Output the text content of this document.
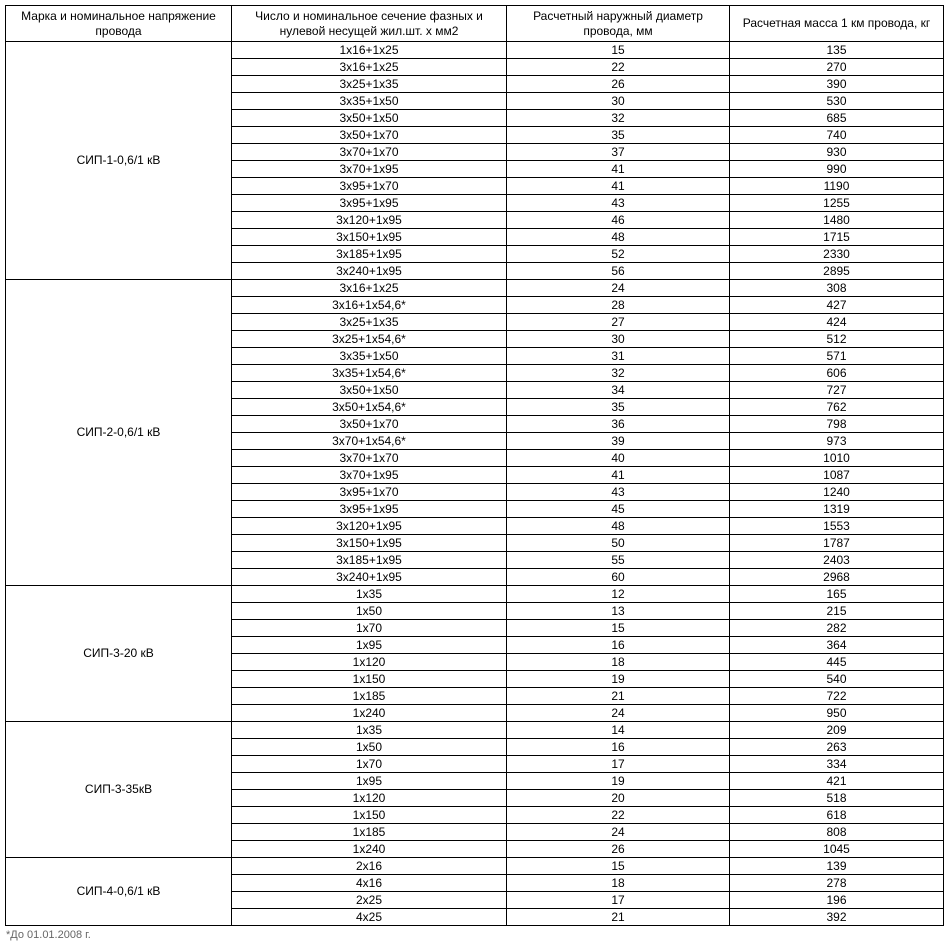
Марка и номинальное напряжение провода	Число и номинальное сечение фазных и нулевой несущей жил.шт. х мм2	Расчетный наружный диаметр провода, мм	Расчетная масса 1 км провода, кг
СИП-1-0,6/1 кВ	1х16+1х25	15	135
	3х16+1х25	22	270
	3х25+1х35	26	390
	3х35+1х50	30	530
	3х50+1х50	32	685
	3х50+1х70	35	740
	3х70+1х70	37	930
	3х70+1х95	41	990
	3х95+1х70	41	1190
	3х95+1х95	43	1255
	3х120+1х95	46	1480
	3х150+1х95	48	1715
	3х185+1х95	52	2330
	3х240+1х95	56	2895
СИП-2-0,6/1 кВ	3х16+1х25	24	308
	3х16+1х54,6*	28	427
	3х25+1х35	27	424
	3х25+1х54,6*	30	512
	3х35+1х50	31	571
	3х35+1х54,6*	32	606
	3х50+1х50	34	727
	3х50+1х54,6*	35	762
	3х50+1х70	36	798
	3х70+1х54,6*	39	973
	3х70+1х70	40	1010
	3х70+1х95	41	1087
	3х95+1х70	43	1240
	3х95+1х95	45	1319
	3х120+1х95	48	1553
	3х150+1х95	50	1787
	3х185+1х95	55	2403
	3х240+1х95	60	2968
СИП-3-20 кВ	1х35	12	165
	1х50	13	215
	1х70	15	282
	1х95	16	364
	1х120	18	445
	1х150	19	540
	1х185	21	722
	1х240	24	950
СИП-3-35кВ	1х35	14	209
	1х50	16	263
	1х70	17	334
	1х95	19	421
	1х120	20	518
	1х150	22	618
	1х185	24	808
	1х240	26	1045
СИП-4-0,6/1 кВ	2х16	15	139
	4х16	18	278
	2х25	17	196
	4х25	21	392
*До 01.01.2008 г.
